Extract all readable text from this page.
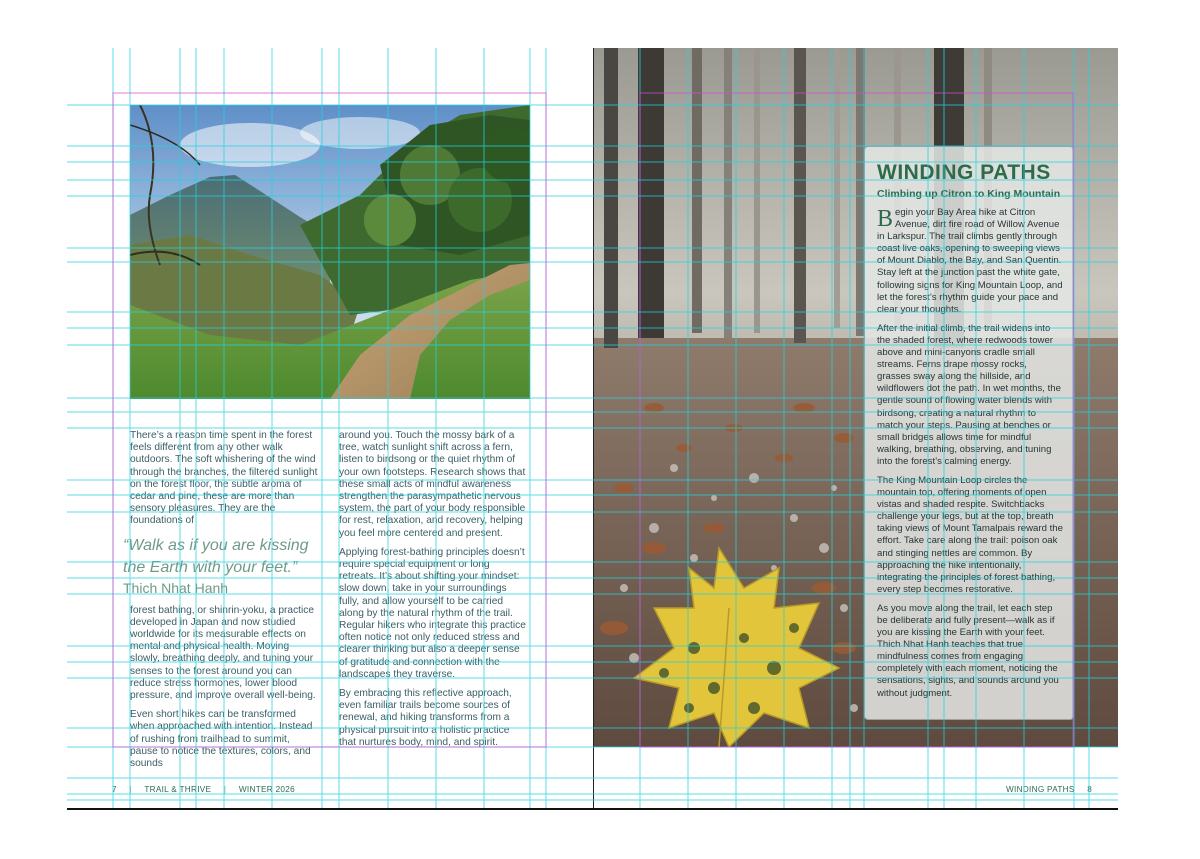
There’s a reason time spent in the forest feels different from any other walk outdoors. The soft whishering of the wind through the branches, the filtered sunlight on the forest floor, the subtle aroma of cedar and pine, these are more than sensory pleasures. They are the foundations of

“Walk as if you are kissing the Earth with your feet.”
Thich Nhat Hanh

forest bathing, or shinrin-yoku, a practice developed in Japan and now studied worldwide for its measurable effects on mental and physical health. Moving slowly, breathing deeply, and tuning your senses to the forest around you can reduce stress hormones, lower blood pressure, and improve overall well-being.

Even short hikes can be transformed when approached with intention. Instead of rushing from trailhead to summit, pause to notice the textures, colors, and sounds

around you. Touch the mossy bark of a tree, watch sunlight shift across a fern, listen to birdsong or the quiet rhythm of your own footsteps. Research shows that these small acts of mindful awareness strengthen the parasympathetic nervous system, the part of your body responsible for rest, relaxation, and recovery, helping you feel more centered and present.

Applying forest-bathing principles doesn’t require special equipment or long retreats. It’s about shifting your mindset: slow down, take in your surroundings fully, and allow yourself to be carried along by the natural rhythm of the trail. Regular hikers who integrate this practice often notice not only reduced stress and clearer thinking but also a deeper sense of gratitude and connection with the landscapes they traverse.

By embracing this reflective approach, even familiar trails become sources of renewal, and hiking transforms from a physical pursuit into a holistic practice that nurtures body, mind, and spirit.

WINDING PATHS
Climbing up Citron to King Mountain

Begin your Bay Area hike at Citron Avenue, dirt fire road of Willow Avenue in Larkspur. The trail climbs gently through coast live oaks, opening to sweeping views of Mount Diablo, the Bay, and San Quentin. Stay left at the junction past the white gate, following signs for King Mountain Loop, and let the forest’s rhythm guide your pace and clear your thoughts.

After the initial climb, the trail widens into the shaded forest, where redwoods tower above and mini-canyons cradle small streams. Ferns drape mossy rocks, grasses sway along the hillside, and wildflowers dot the path. In wet months, the gentle sound of flowing water blends with birdsong, creating a natural rhythm to match your steps. Pausing at benches or small bridges allows time for mindful walking, breathing, observing, and tuning into the forest’s calming energy.

The King Mountain Loop circles the mountain top, offering moments of open vistas and shaded respite. Switchbacks challenge your legs, but at the top, breath taking views of Mount Tamalpais reward the effort. Take care along the trail: poison oak and stinging nettles are common. By approaching the hike intentionally, integrating the principles of forest bathing, every step becomes restorative.

As you move along the trail, let each step be deliberate and fully present—walk as if you are kissing the Earth with your feet. Thich Nhat Hanh teaches that true mindfulness comes from engaging completely with each moment, noticing the sensations, sights, and sounds around you without judgment.

7 | TRAIL & THRIVE | WINTER 2026	WINDING PATHS 8
